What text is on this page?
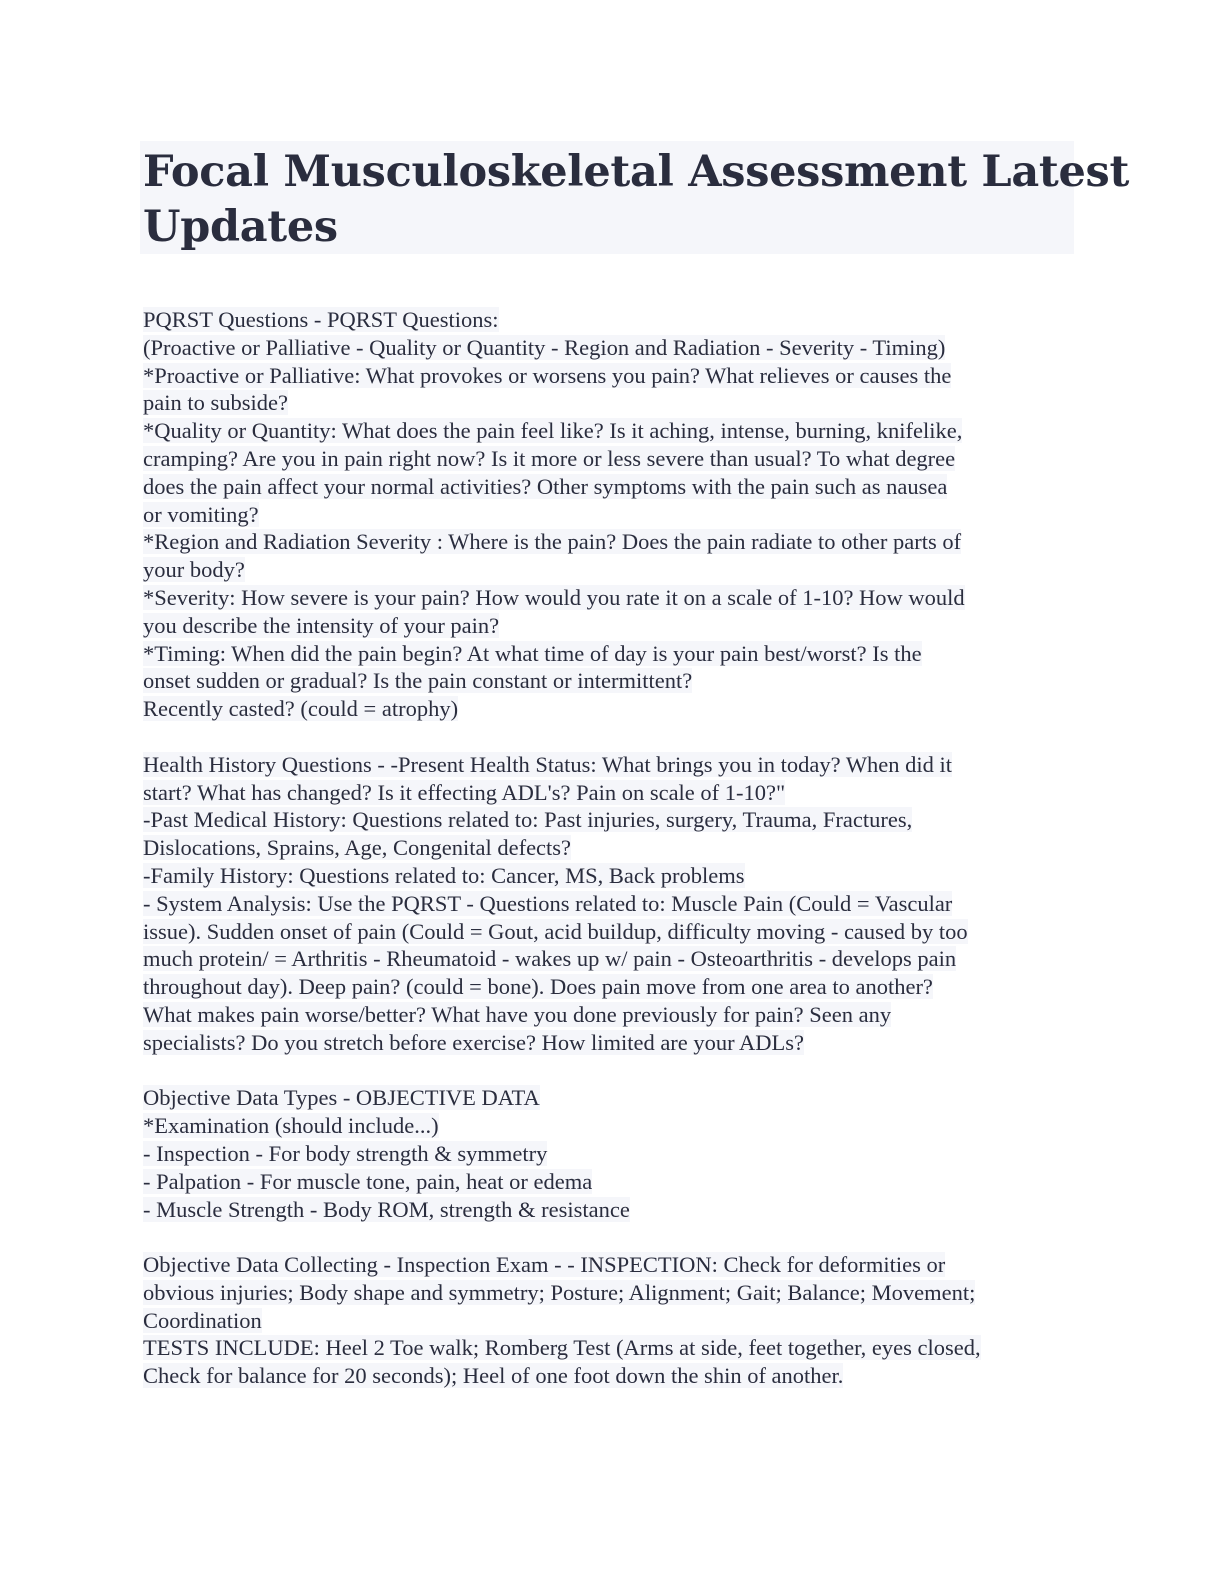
Focal Musculoskeletal Assessment Latest
Updates
PQRST Questions - PQRST Questions:
(Proactive or Palliative - Quality or Quantity - Region and Radiation - Severity - Timing)
*Proactive or Palliative: What provokes or worsens you pain? What relieves or causes the
pain to subside?
*Quality or Quantity: What does the pain feel like? Is it aching, intense, burning, knifelike,
cramping? Are you in pain right now? Is it more or less severe than usual? To what degree
does the pain affect your normal activities? Other symptoms with the pain such as nausea
or vomiting?
*Region and Radiation Severity : Where is the pain? Does the pain radiate to other parts of
your body?
*Severity: How severe is your pain? How would you rate it on a scale of 1-10? How would
you describe the intensity of your pain?
*Timing: When did the pain begin? At what time of day is your pain best/worst? Is the
onset sudden or gradual? Is the pain constant or intermittent?
Recently casted? (could = atrophy)
Health History Questions - -Present Health Status: What brings you in today? When did it
start? What has changed? Is it effecting ADL's? Pain on scale of 1-10?"
-Past Medical History: Questions related to: Past injuries, surgery, Trauma, Fractures,
Dislocations, Sprains, Age, Congenital defects?
-Family History: Questions related to: Cancer, MS, Back problems
- System Analysis: Use the PQRST - Questions related to: Muscle Pain (Could = Vascular
issue). Sudden onset of pain (Could = Gout, acid buildup, difficulty moving - caused by too
much protein/ = Arthritis - Rheumatoid - wakes up w/ pain - Osteoarthritis - develops pain
throughout day). Deep pain? (could = bone). Does pain move from one area to another?
What makes pain worse/better? What have you done previously for pain? Seen any
specialists? Do you stretch before exercise? How limited are your ADLs?
Objective Data Types - OBJECTIVE DATA
*Examination (should include...)
- Inspection - For body strength & symmetry
- Palpation - For muscle tone, pain, heat or edema
- Muscle Strength - Body ROM, strength & resistance
Objective Data Collecting - Inspection Exam - - INSPECTION: Check for deformities or
obvious injuries; Body shape and symmetry; Posture; Alignment; Gait; Balance; Movement;
Coordination
TESTS INCLUDE: Heel 2 Toe walk; Romberg Test (Arms at side, feet together, eyes closed,
Check for balance for 20 seconds); Heel of one foot down the shin of another.
